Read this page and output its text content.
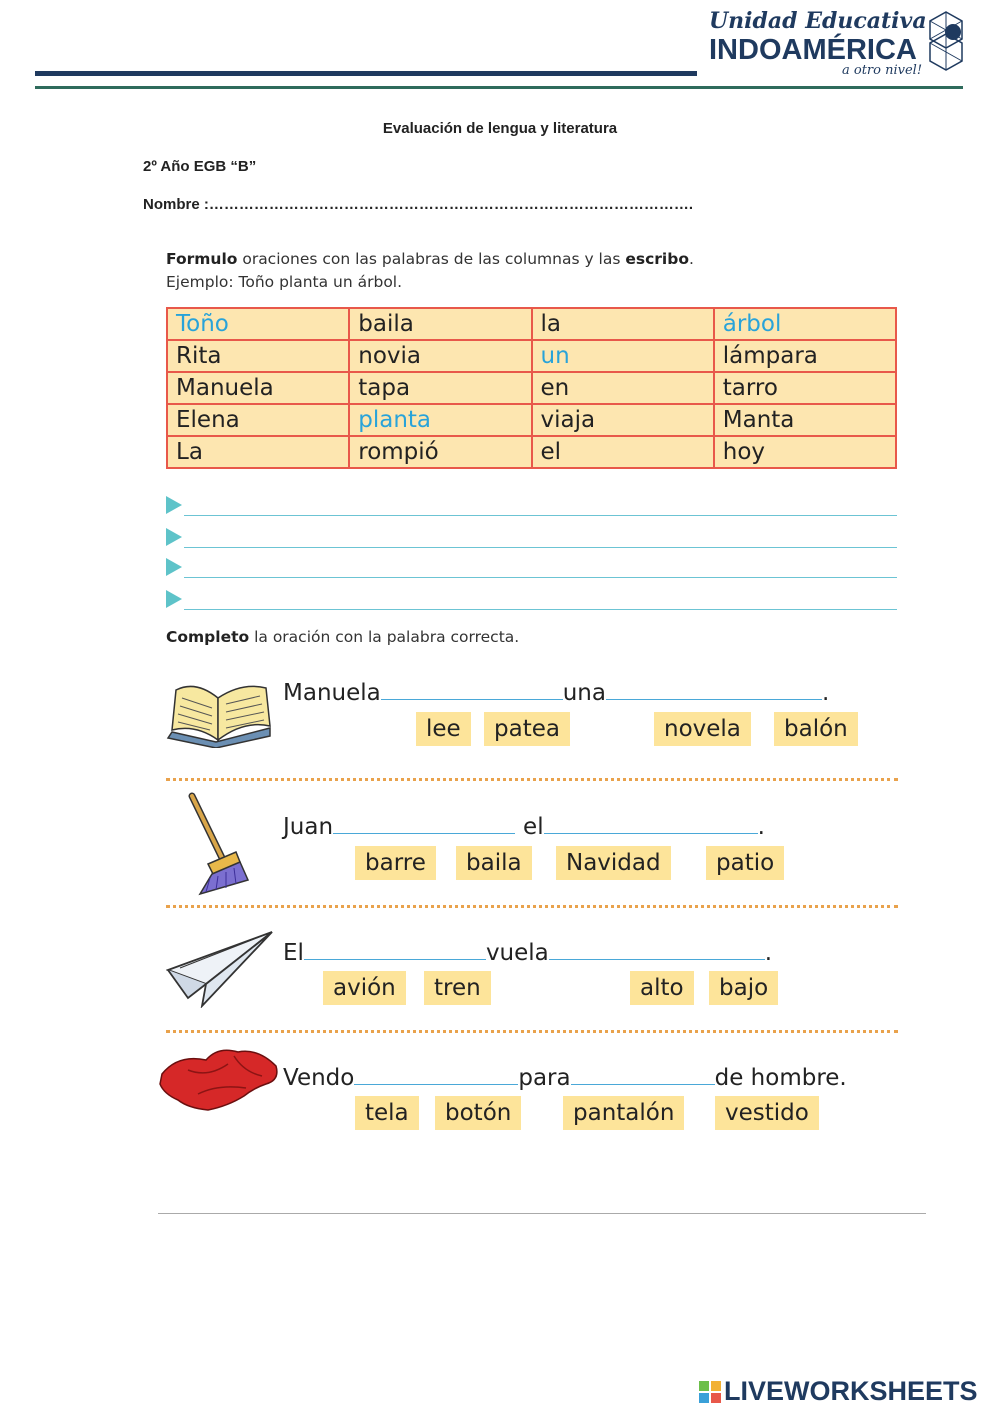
Unidad Educativa
INDOAMÉRICA
a otro nivel!
Evaluación de lengua y literatura
2º Año EGB “B”
Nombre :…………………………………………………………………………………….
Formulo oraciones con las palabras de las columnas y las escribo.
Ejemplo: Toño planta un árbol.
Toño	baila	la	árbol
Rita	novia	un	lámpara
Manuela	tapa	en	tarro
Elena	planta	viaja	Manta
La	rompió	el	hoy
Completo la oración con la palabra correcta.
Manuela	una	.
lee	patea	novela	balón
Juan	el	.
barre	baila	Navidad	patio
El	vuela	.
avión	tren	alto	bajo
Vendo	para	de hombre.
tela	botón	pantalón	vestido
LIVEWORKSHEETS
